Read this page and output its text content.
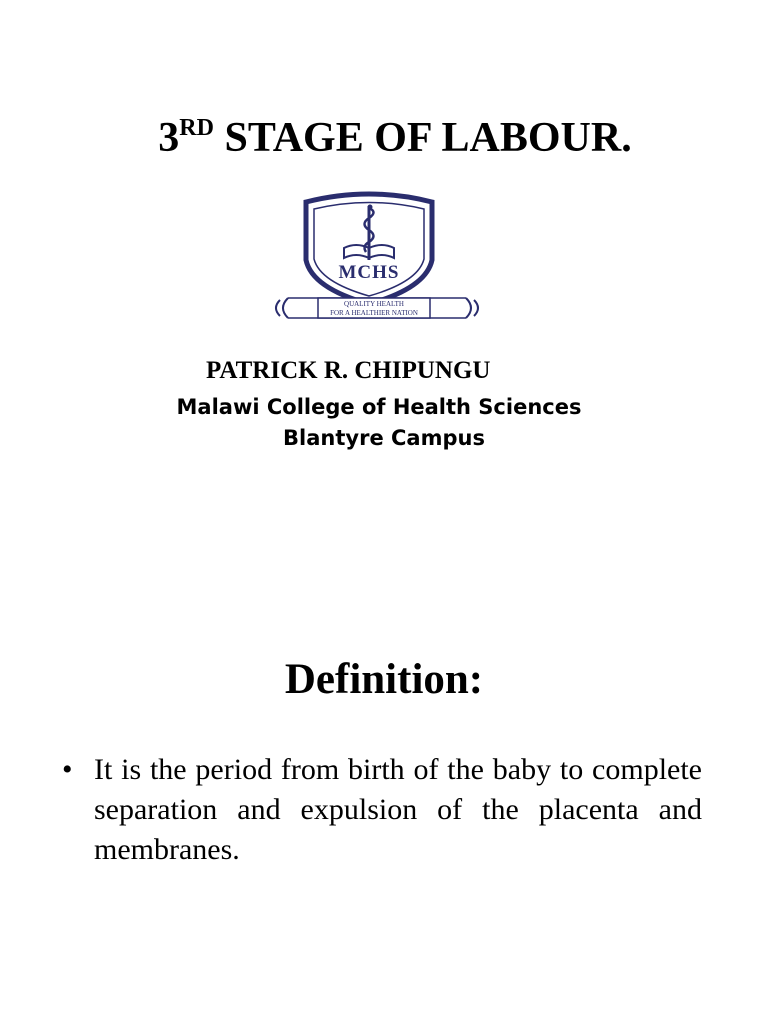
3RD STAGE OF LABOUR.
MCHS
QUALITY HEALTH
FOR A HEALTHIER NATION
PATRICK R. CHIPUNGU
Malawi College of Health Sciences
Blantyre Campus
Definition:
• It is the period from birth of the baby to complete separation and expulsion of the placenta and membranes.
